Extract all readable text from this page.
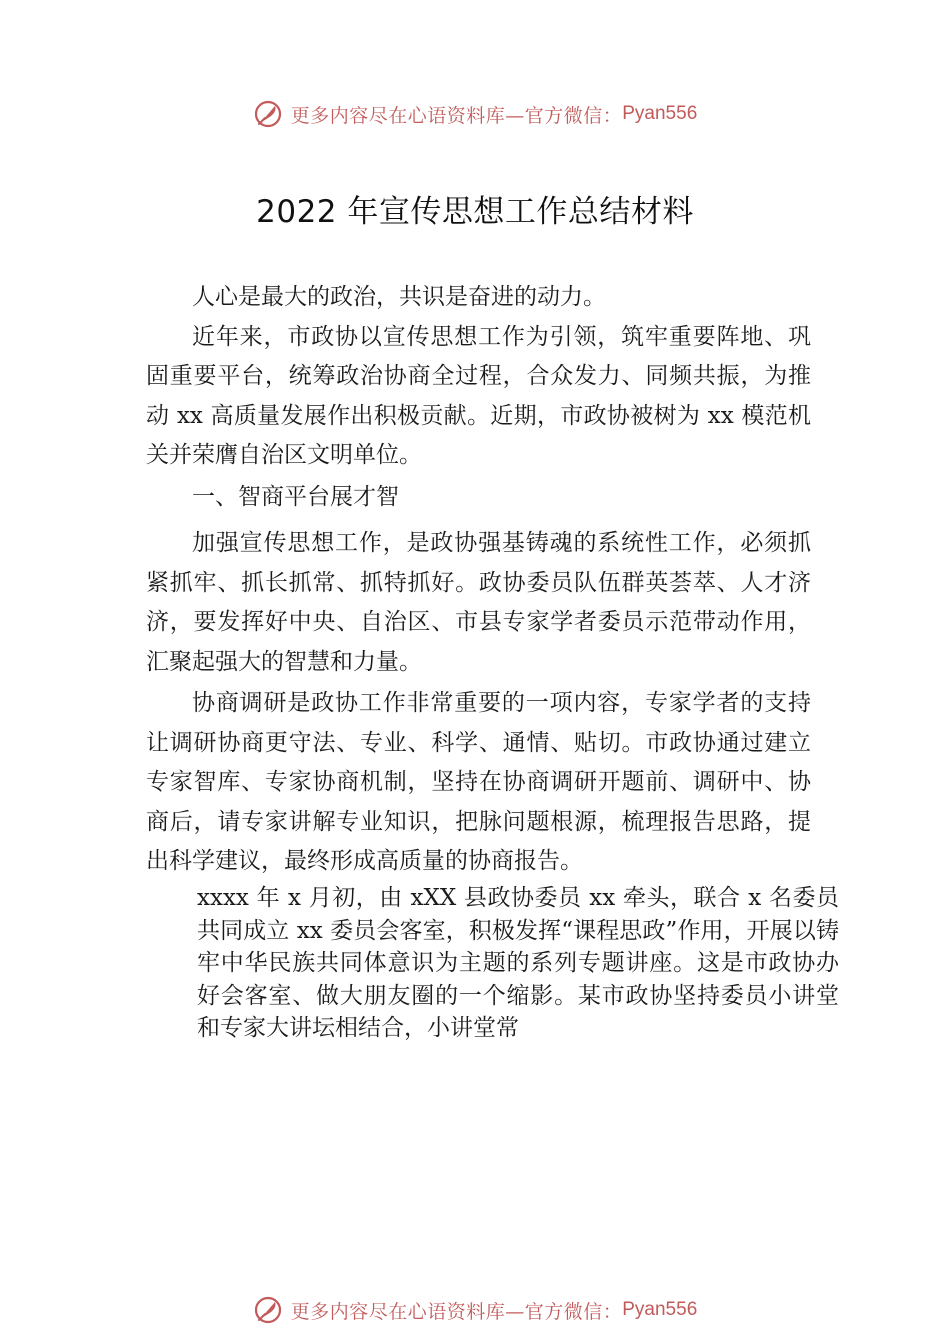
更多内容尽在心语资料库—官方微信： Pyan556
2022 年宣传思想工作总结材料

人心是最大的政治，共识是奋进的动力。

近年来，市政协以宣传思想工作为引领，筑牢重要阵地、巩固重要平台，统筹政治协商全过程，合众发力、同频共振，为推动 xx 高质量发展作出积极贡献。近期，市政协被树为 xx 模范机关并荣膺自治区文明单位。

一、智商平台展才智

加强宣传思想工作，是政协强基铸魂的系统性工作，必须抓紧抓牢、抓长抓常、抓特抓好。政协委员队伍群英荟萃、人才济济，要发挥好中央、自治区、市县专家学者委员示范带动作用，汇聚起强大的智慧和力量。

协商调研是政协工作非常重要的一项内容，专家学者的支持让调研协商更守法、专业、科学、通情、贴切。市政协通过建立专家智库、专家协商机制，坚持在协商调研开题前、调研中、协商后，请专家讲解专业知识，把脉问题根源，梳理报告思路，提出科学建议，最终形成高质量的协商报告。

xxxx 年 x 月初，由 xXX 县政协委员 xx 牵头，联合 x 名委员共同成立 xx 委员会客室，积极发挥“课程思政”作用，开展以铸牢中华民族共同体意识为主题的系列专题讲座。这是市政协办好会客室、做大朋友圈的一个缩影。某市政协坚持委员小讲堂和专家大讲坛相结合，小讲堂常

更多内容尽在心语资料库—官方微信： Pyan556
